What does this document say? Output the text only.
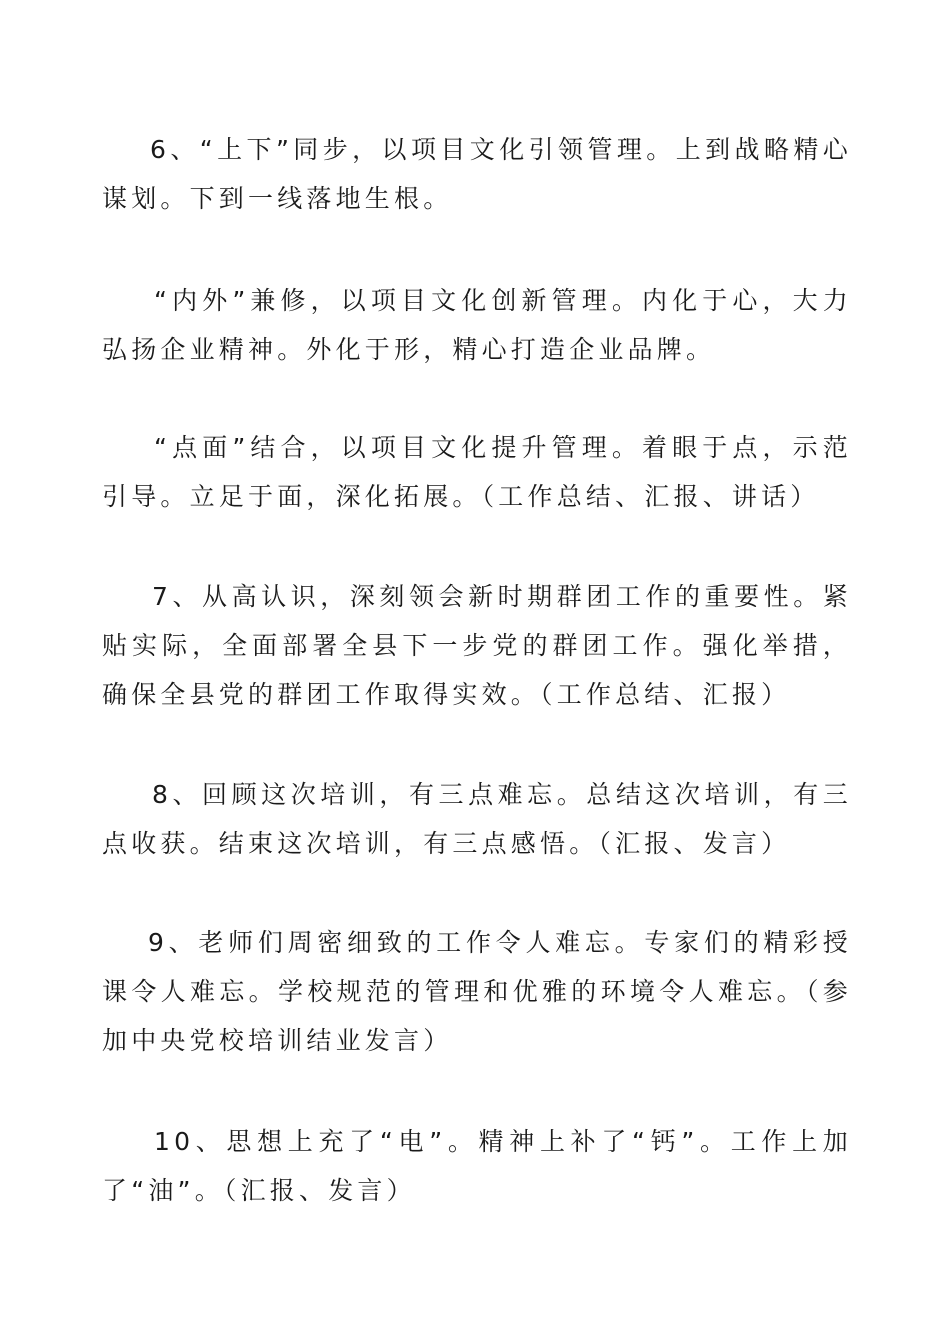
6、“上下”同步，以项目文化引领管理。上到战略精心谋划。下到一线落地生根。

“内外”兼修，以项目文化创新管理。内化于心，大力弘扬企业精神。外化于形，精心打造企业品牌。

“点面”结合，以项目文化提升管理。着眼于点，示范引导。立足于面，深化拓展。（工作总结、汇报、讲话）

7、从高认识，深刻领会新时期群团工作的重要性。紧贴实际，全面部署全县下一步党的群团工作。强化举措，确保全县党的群团工作取得实效。（工作总结、汇报）

8、回顾这次培训，有三点难忘。总结这次培训，有三点收获。结束这次培训，有三点感悟。（汇报、发言）

9、老师们周密细致的工作令人难忘。专家们的精彩授课令人难忘。学校规范的管理和优雅的环境令人难忘。（参加中央党校培训结业发言）

10、思想上充了“电”。精神上补了“钙”。工作上加了“油”。（汇报、发言）
